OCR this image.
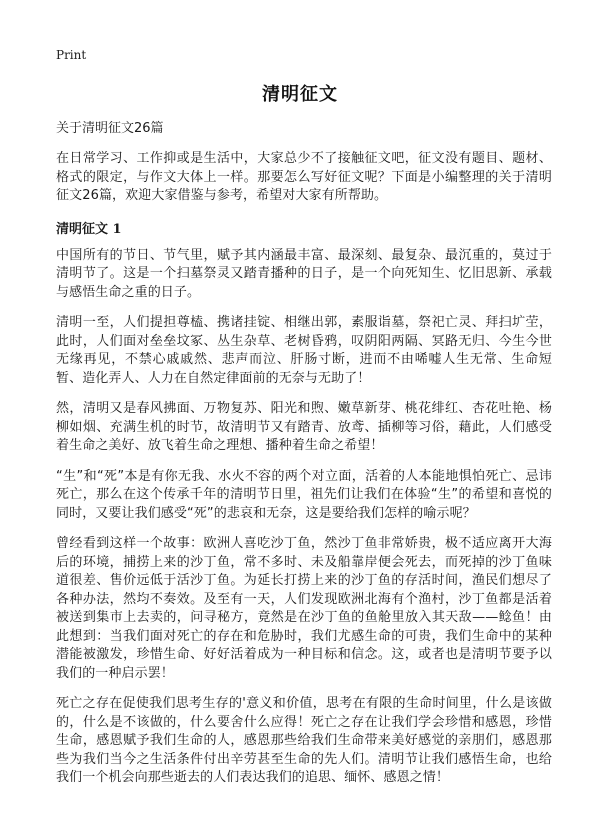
Print
清明征文

关于清明征文26篇

在日常学习、工作抑或是生活中，大家总少不了接触征文吧，征文没有题目、题材、格式的限定，与作文大体上一样。那要怎么写好征文呢？下面是小编整理的关于清明征文26篇，欢迎大家借鉴与参考，希望对大家有所帮助。

清明征文 1

中国所有的节日、节气里，赋予其内涵最丰富、最深刻、最复杂、最沉重的，莫过于清明节了。这是一个扫墓祭灵又踏青播种的日子，是一个向死知生、忆旧思新、承载与感悟生命之重的日子。

清明一至，人们提担尊榼、携诸挂锭、相继出郭，素服诣墓，祭祀亡灵、拜扫圹茔，此时，人们面对垒垒坟冢、丛生杂草、老树昏鸦，叹阴阳两隔、冥路无归、今生今世无缘再见，不禁心戚戚然、悲声而泣、肝肠寸断，进而不由唏嘘人生无常、生命短暂、造化弄人、人力在自然定律面前的无奈与无助了！

然，清明又是春风拂面、万物复苏、阳光和煦、嫩草新芽、桃花绯红、杏花吐艳、杨柳如烟、充满生机的时节，故清明节又有踏青、放鸢、插柳等习俗，藉此，人们感受着生命之美好、放飞着生命之理想、播种着生命之希望！

“生”和“死”本是有你无我、水火不容的两个对立面，活着的人本能地惧怕死亡、忌讳死亡，那么在这个传承千年的清明节日里，祖先们让我们在体验“生”的希望和喜悦的同时，又要让我们感受“死”的悲哀和无奈，这是要给我们怎样的喻示呢？

曾经看到这样一个故事：欧洲人喜吃沙丁鱼，然沙丁鱼非常娇贵，极不适应离开大海后的环境，捕捞上来的沙丁鱼，常不多时、未及船靠岸便会死去，而死掉的沙丁鱼味道很差、售价远低于活沙丁鱼。为延长打捞上来的沙丁鱼的存活时间，渔民们想尽了各种办法，然均不奏效。及至有一天，人们发现欧洲北海有个渔村，沙丁鱼都是活着被送到集市上去卖的，问寻秘方，竟然是在沙丁鱼的鱼舱里放入其天敌——鲶鱼！由此想到：当我们面对死亡的存在和危胁时，我们尤感生命的可贵，我们生命中的某种潜能被激发，珍惜生命、好好活着成为一种目标和信念。这，或者也是清明节要予以我们的一种启示罢！

死亡之存在促使我们思考生存的'意义和价值，思考在有限的生命时间里，什么是该做的，什么是不该做的，什么要舍什么应得！死亡之存在让我们学会珍惜和感恩，珍惜生命，感恩赋予我们生命的人，感恩那些给我们生命带来美好感觉的亲朋们，感恩那些为我们当今之生活条件付出辛劳甚至生命的先人们。清明节让我们感悟生命，也给我们一个机会向那些逝去的人们表达我们的追思、缅怀、感恩之情！
